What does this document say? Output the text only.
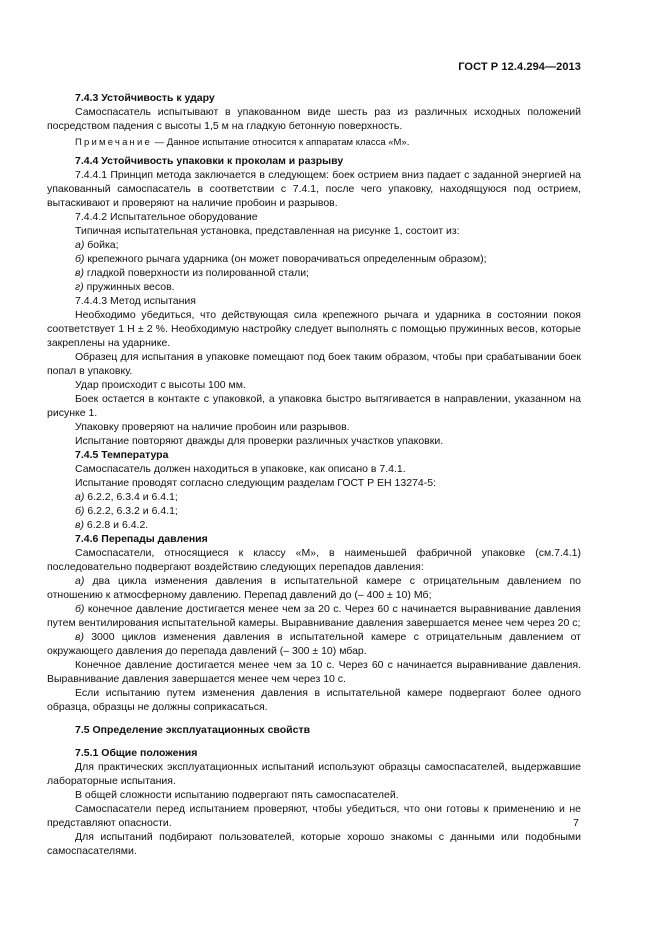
ГОСТ Р 12.4.294—2013

7.4.3 Устойчивость к удару

Самоспасатель испытывают в упакованном виде шесть раз из различных исходных положений посредством падения с высоты 1,5 м на гладкую бетонную поверхность.

Примечание — Данное испытание относится к аппаратам класса «М».

7.4.4 Устойчивость упаковки к проколам и разрыву

7.4.4.1 Принцип метода заключается в следующем: боек острием вниз падает с заданной энергией на упакованный самоспасатель в соответствии с 7.4.1, после чего упаковку, находящуюся под острием, вытаскивают и проверяют на наличие пробоин и разрывов.

7.4.4.2 Испытательное оборудование

Типичная испытательная установка, представленная на рисунке 1, состоит из:

а) бойка;

б) крепежного рычага ударника (он может поворачиваться определенным образом);

в) гладкой поверхности из полированной стали;

г) пружинных весов.

7.4.4.3 Метод испытания

Необходимо убедиться, что действующая сила крепежного рычага и ударника в состоянии покоя соответствует 1 Н ± 2 %. Необходимую настройку следует выполнять с помощью пружинных весов, которые закреплены на ударнике.

Образец для испытания в упаковке помещают под боек таким образом, чтобы при срабатывании боек попал в упаковку.

Удар происходит с высоты 100 мм.

Боек остается в контакте с упаковкой, а упаковка быстро вытягивается в направлении, указанном на рисунке 1.

Упаковку проверяют на наличие пробоин или разрывов.

Испытание повторяют дважды для проверки различных участков упаковки.

7.4.5 Температура

Самоспасатель должен находиться в упаковке, как описано в 7.4.1.

Испытание проводят согласно следующим разделам ГОСТ Р ЕН 13274-5:

а) 6.2.2, 6.3.4 и 6.4.1;

б) 6.2.2, 6.3.2 и 6.4.1;

в) 6.2.8 и 6.4.2.

7.4.6 Перепады давления

Самоспасатели, относящиеся к классу «М», в наименьшей фабричной упаковке (см.7.4.1) последовательно подвергают воздействию следующих перепадов давления:

а) два цикла изменения давления в испытательной камере с отрицательным давлением по отношению к атмосферному давлению. Перепад давлений до (– 400 ± 10) Мб;

б) конечное давление достигается менее чем за 20 с. Через 60 с начинается выравнивание давления путем вентилирования испытательной камеры. Выравнивание давления завершается менее чем через 20 с;

в) 3000 циклов изменения давления в испытательной камере с отрицательным давлением от окружающего давления до перепада давлений (– 300 ± 10) мбар.

Конечное давление достигается менее чем за 10 с. Через 60 с начинается выравнивание давления. Выравнивание давления завершается менее чем через 10 с.

Если испытанию путем изменения давления в испытательной камере подвергают более одного образца, образцы не должны соприкасаться.

7.5 Определение эксплуатационных свойств

7.5.1 Общие положения

Для практических эксплуатационных испытаний используют образцы самоспасателей, выдержавшие лабораторные испытания.

В общей сложности испытанию подвергают пять самоспасателей.

Самоспасатели перед испытанием проверяют, чтобы убедиться, что они готовы к применению и не представляют опасности.

Для испытаний подбирают пользователей, которые хорошо знакомы с данными или подобными самоспасателями.

7
